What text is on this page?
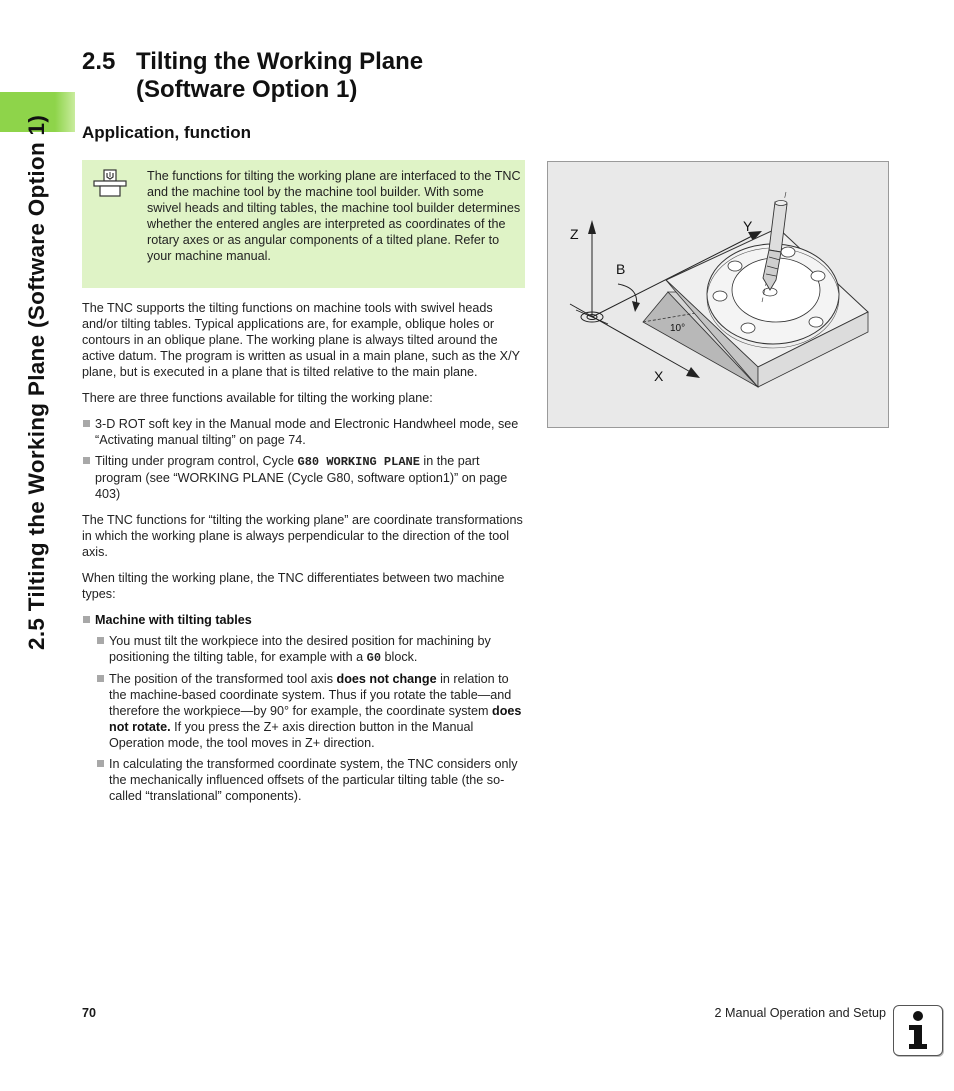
2.5 Tilting the Working Plane (Software Option 1)
2.5 Tilting the Working Plane
(Software Option 1)
Application, function
The functions for tilting the working plane are interfaced to the TNC and the machine tool by the machine tool builder. With some swivel heads and tilting tables, the machine tool builder determines whether the entered angles are interpreted as coordinates of the rotary axes or as angular components of a tilted plane. Refer to your machine manual.

The TNC supports the tilting functions on machine tools with swivel heads and/or tilting tables. Typical applications are, for example, oblique holes or contours in an oblique plane. The working plane is always tilted around the active datum. The program is written as usual in a main plane, such as the X/Y plane, but is executed in a plane that is tilted relative to the main plane.

There are three functions available for tilting the working plane:

3-D ROT soft key in the Manual mode and Electronic Handwheel mode, see “Activating manual tilting” on page 74.
Tilting under program control, Cycle G80 WORKING PLANE in the part program (see “WORKING PLANE (Cycle G80, software option1)” on page 403)

The TNC functions for “tilting the working plane” are coordinate transformations in which the working plane is always perpendicular to the direction of the tool axis.

When tilting the working plane, the TNC differentiates between two machine types:

Machine with tilting tables
You must tilt the workpiece into the desired position for machining by positioning the tilting table, for example with a G0 block.
The position of the transformed tool axis does not change in relation to the machine-based coordinate system. Thus if you rotate the table—and therefore the workpiece—by 90° for example, the coordinate system does not rotate. If you press the Z+ axis direction button in the Manual Operation mode, the tool moves in Z+ direction.
In calculating the transformed coordinate system, the TNC considers only the mechanically influenced offsets of the particular tilting table (the so-called “translational” components).
Z	Y
B
X
10°
70	2 Manual Operation and Setup
